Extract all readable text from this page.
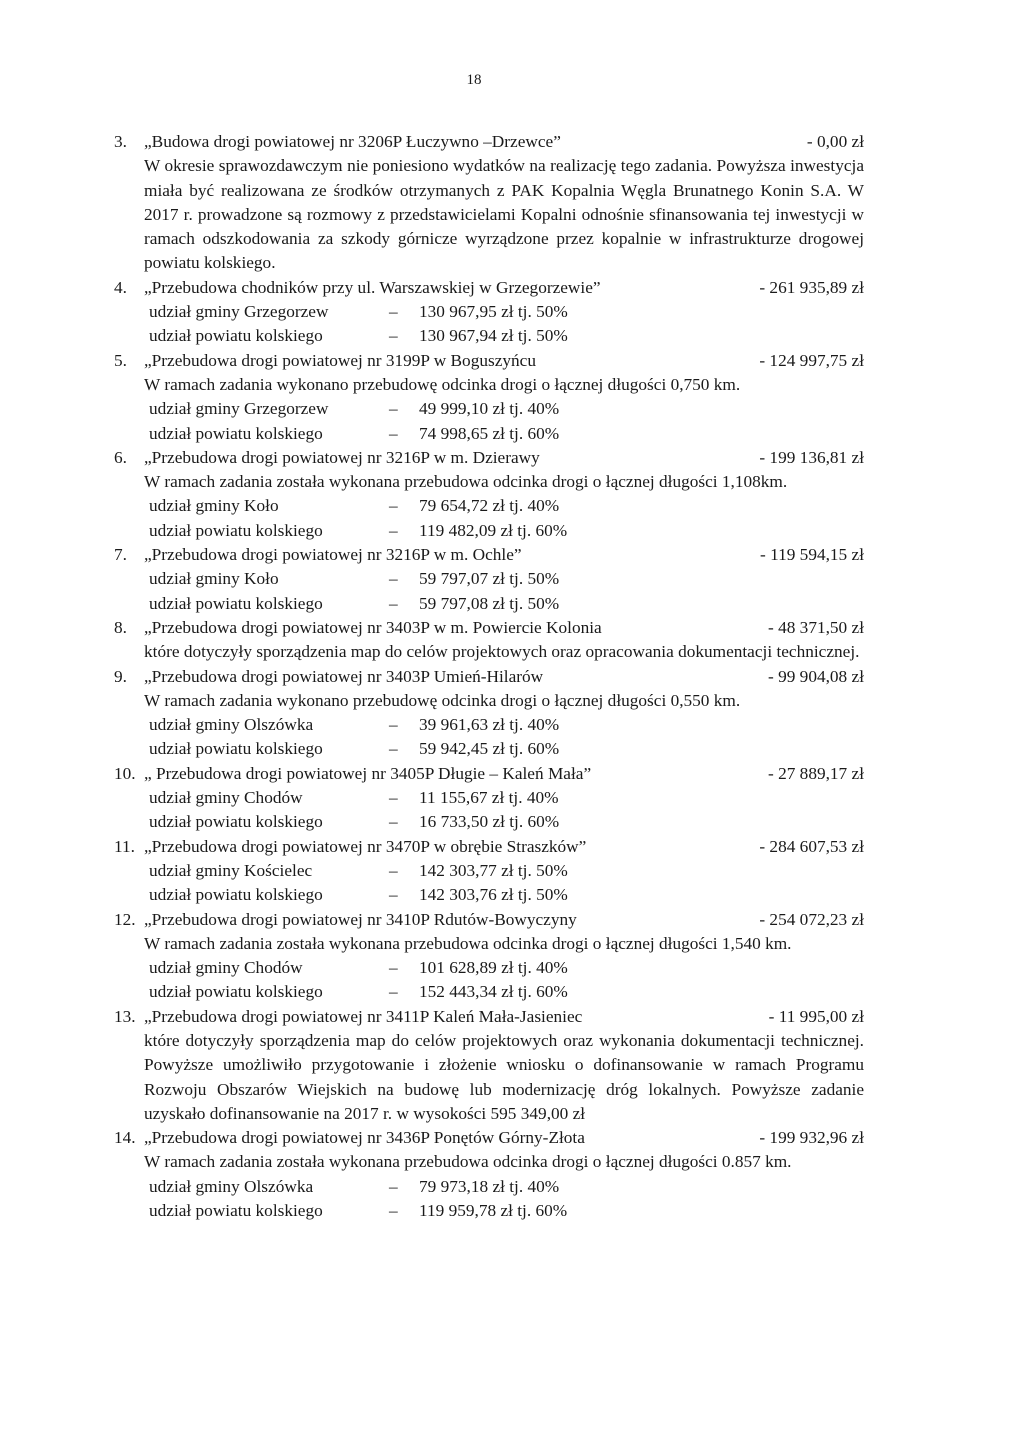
18
3. „Budowa drogi powiatowej nr 3206P Łuczywno –Drzewce”	- 0,00 zł
W okresie sprawozdawczym nie poniesiono wydatków na realizację tego zadania. Powyższa inwestycja miała być realizowana ze środków otrzymanych z PAK Kopalnia Węgla Brunatnego Konin S.A. W 2017 r. prowadzone są rozmowy z przedstawicielami Kopalni odnośnie sfinansowania tej inwestycji w ramach odszkodowania za szkody górnicze wyrządzone przez kopalnie w infrastrukturze drogowej powiatu kolskiego.
4. „Przebudowa chodników przy ul. Warszawskiej w Grzegorzewie”	- 261 935,89 zł
udział gminy Grzegorzew	–	130 967,95 zł tj. 50%
udział powiatu kolskiego	–	130 967,94 zł tj. 50%
5. „Przebudowa drogi powiatowej nr 3199P w Boguszyńcu	- 124 997,75 zł
W ramach zadania wykonano przebudowę odcinka drogi o łącznej długości 0,750 km.
udział gminy Grzegorzew	–	49 999,10 zł tj. 40%
udział powiatu kolskiego	–	74 998,65 zł tj. 60%
6. „Przebudowa drogi powiatowej nr 3216P w m. Dzierawy	- 199 136,81 zł
W ramach zadania została wykonana przebudowa odcinka drogi o łącznej długości 1,108km.
udział gminy Koło	–	79 654,72 zł tj. 40%
udział powiatu kolskiego	–	119 482,09 zł tj. 60%
7. „Przebudowa drogi powiatowej nr 3216P w m. Ochle”	- 119 594,15 zł
udział gminy Koło	–	59 797,07 zł tj. 50%
udział powiatu kolskiego	–	59 797,08 zł tj. 50%
8. „Przebudowa drogi powiatowej nr 3403P w m. Powiercie Kolonia	- 48 371,50 zł
które dotyczyły sporządzenia map do celów projektowych oraz opracowania dokumentacji technicznej.
9. „Przebudowa drogi powiatowej nr 3403P Umień-Hilarów	- 99 904,08 zł
W ramach zadania wykonano przebudowę odcinka drogi o łącznej długości 0,550 km.
udział gminy Olszówka	–	39 961,63 zł tj. 40%
udział powiatu kolskiego	–	59 942,45 zł tj. 60%
10. „ Przebudowa drogi powiatowej nr 3405P Długie – Kaleń Mała”	- 27 889,17 zł
udział gminy Chodów	–	11 155,67 zł tj. 40%
udział powiatu kolskiego	–	16 733,50 zł tj. 60%
11. „Przebudowa drogi powiatowej nr 3470P w obrębie Straszków”	- 284 607,53 zł
udział gminy Kościelec	–	142 303,77 zł tj. 50%
udział powiatu kolskiego	–	142 303,76 zł tj. 50%
12. „Przebudowa drogi powiatowej nr 3410P Rdutów-Bowyczyny	- 254 072,23 zł
W ramach zadania została wykonana przebudowa odcinka drogi o łącznej długości 1,540 km.
udział gminy Chodów	–	101 628,89 zł tj. 40%
udział powiatu kolskiego	–	152 443,34 zł tj. 60%
13. „Przebudowa drogi powiatowej nr 3411P Kaleń Mała-Jasieniec	- 11 995,00 zł
które dotyczyły sporządzenia map do celów projektowych oraz wykonania dokumentacji technicznej. Powyższe umożliwiło przygotowanie i złożenie wniosku o dofinansowanie w ramach Programu Rozwoju Obszarów Wiejskich na budowę lub modernizację dróg lokalnych. Powyższe zadanie uzyskało dofinansowanie na 2017 r. w wysokości 595 349,00 zł
14. „Przebudowa drogi powiatowej nr 3436P Ponętów Górny-Złota	- 199 932,96 zł
W ramach zadania została wykonana przebudowa odcinka drogi o łącznej długości 0.857 km.
udział gminy Olszówka	–	79 973,18 zł tj. 40%
udział powiatu kolskiego	–	119 959,78 zł tj. 60%
